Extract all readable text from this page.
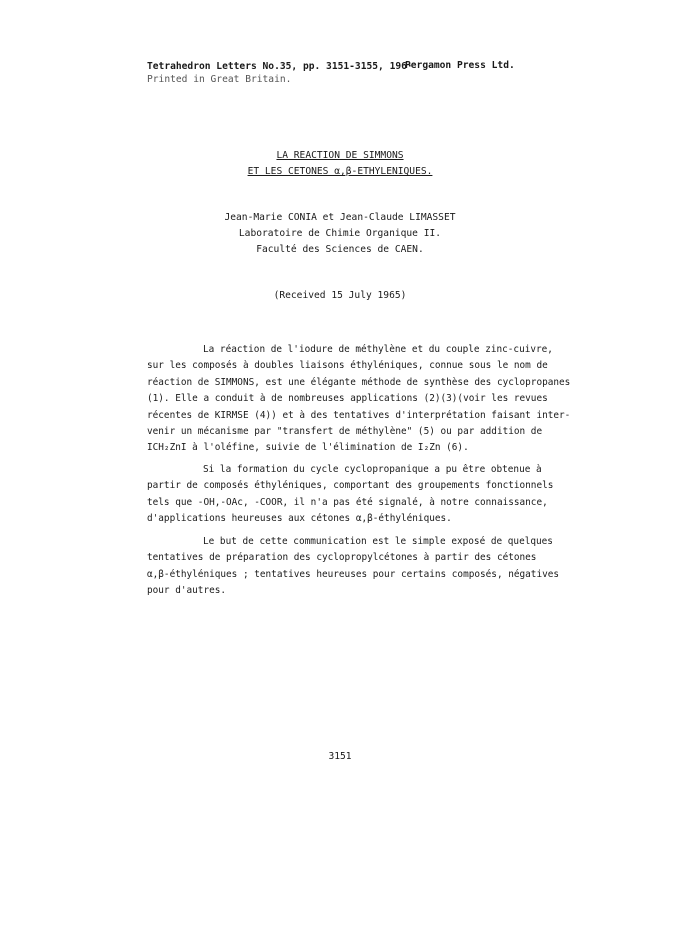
Tetrahedron Letters No.35, pp. 3151-3155, 196·
Pergamon Press Ltd.
Printed in Great Britain.
LA REACTION DE SIMMONS
ET LES CETONES α,β-ETHYLENIQUES.
Jean-Marie CONIA et Jean-Claude LIMASSET
Laboratoire de Chimie Organique II.
Faculté des Sciences de CAEN.
(Received 15 July 1965)
La réaction de l'iodure de méthylène et du couple zinc-cuivre,
sur les composés à doubles liaisons éthyléniques, connue sous le nom de
réaction de SIMMONS, est une élégante méthode de synthèse des cyclopropanes
(1). Elle a conduit à de nombreuses applications (2)(3)(voir les revues
récentes de KIRMSE (4)) et à des tentatives d'interprétation faisant inter-
venir un mécanisme par "transfert de méthylène" (5) ou par addition de
ICH₂ZnI à l'oléfine, suivie de l'élimination de I₂Zn (6).
Si la formation du cycle cyclopropanique a pu être obtenue à
partir de composés éthyléniques, comportant des groupements fonctionnels
tels que -OH,-OAc, -COOR, il n'a pas été signalé, à notre connaissance,
d'applications heureuses aux cétones α,β-éthyléniques.
Le but de cette communication est le simple exposé de quelques
tentatives de préparation des cyclopropylcétones à partir des cétones
α,β-éthyléniques ; tentatives heureuses pour certains composés, négatives
pour d'autres.
3151
